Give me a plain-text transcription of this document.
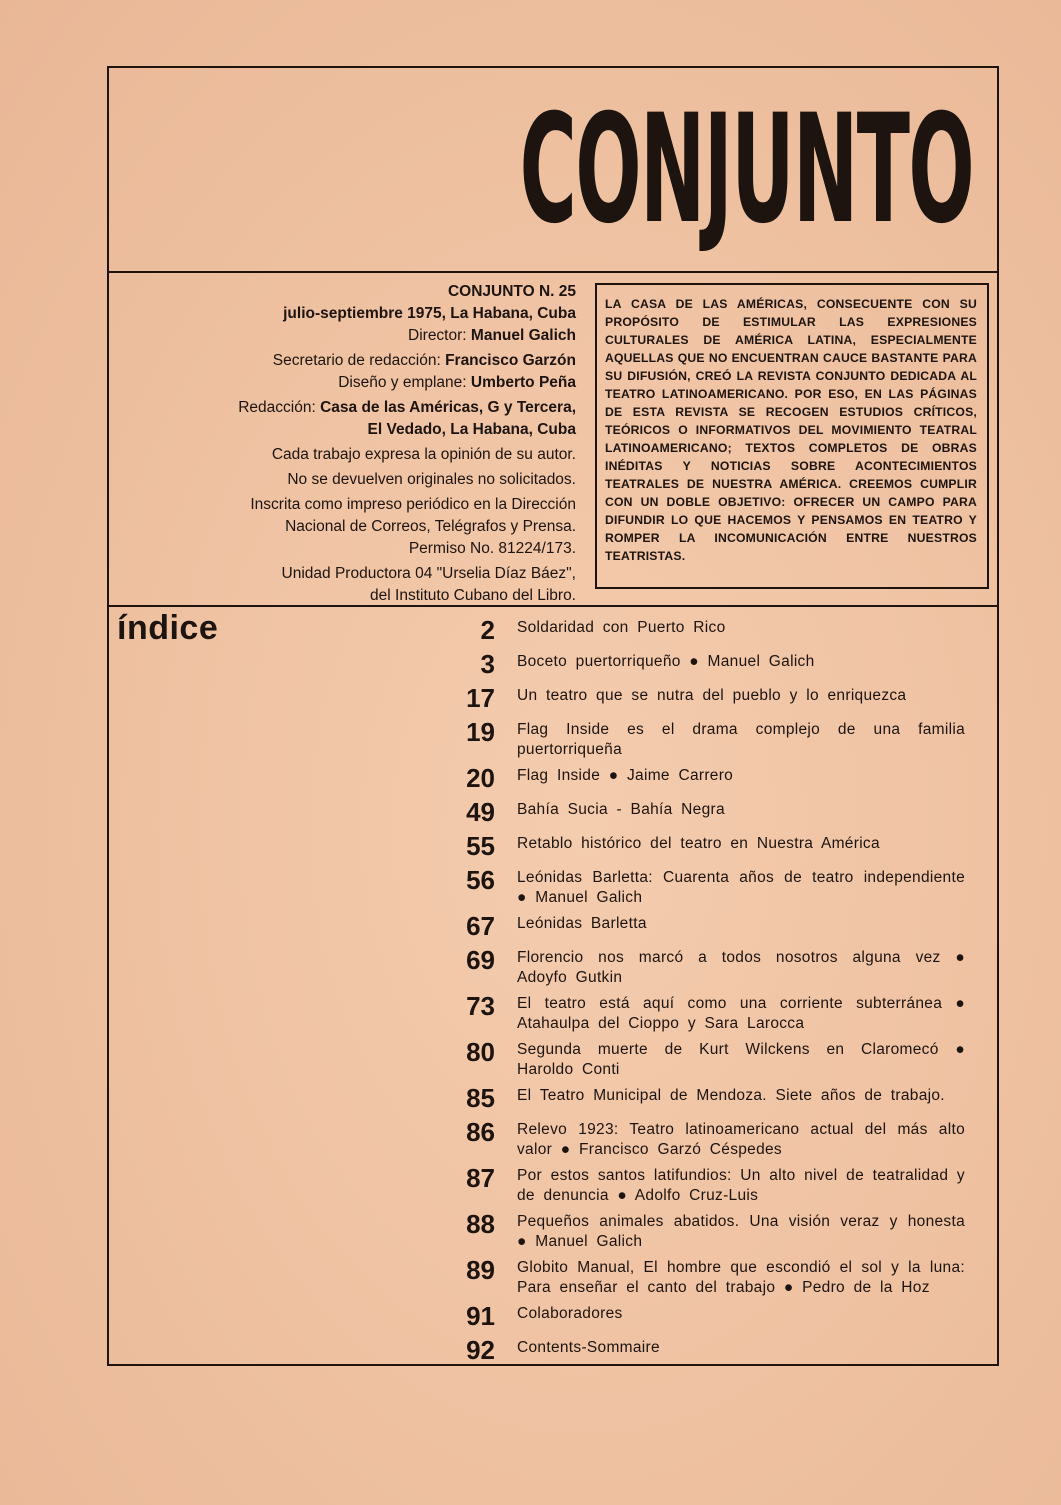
CONJUNTO
CONJUNTO N. 25
julio-septiembre 1975, La Habana, Cuba
Director: Manuel Galich
Secretario de redacción: Francisco Garzón
Diseño y emplane: Umberto Peña
Redacción: Casa de las Américas, G y Tercera,
El Vedado, La Habana, Cuba
Cada trabajo expresa la opinión de su autor.
No se devuelven originales no solicitados.
Inscrita como impreso periódico en la Dirección
Nacional de Correos, Telégrafos y Prensa.
Permiso No. 81224/173.
Unidad Productora 04 "Urselia Díaz Báez",
del Instituto Cubano del Libro.
LA CASA DE LAS AMÉRICAS, CONSECUENTE CON SU PROPÓSITO DE ESTIMULAR LAS EXPRESIONES CULTURALES DE AMÉRICA LATINA, ESPECIALMENTE AQUELLAS QUE NO ENCUENTRAN CAUCE BASTANTE PARA SU DIFUSIÓN, CREÓ LA REVISTA CONJUNTO DEDICADA AL TEATRO LATINOAMERICANO. POR ESO, EN LAS PÁGINAS DE ESTA REVISTA SE RECOGEN ESTUDIOS CRÍTICOS, TEÓRICOS O INFORMATIVOS DEL MOVIMIENTO TEATRAL LATINOAMERICANO; TEXTOS COMPLETOS DE OBRAS INÉDITAS Y NOTICIAS SOBRE ACONTECIMIENTOS TEATRALES DE NUESTRA AMÉRICA. CREEMOS CUMPLIR CON UN DOBLE OBJETIVO: OFRECER UN CAMPO PARA DIFUNDIR LO QUE HACEMOS Y PENSAMOS EN TEATRO Y ROMPER LA INCOMUNICACIÓN ENTRE NUESTROS TEATRISTAS.
índice	2 Soldaridad con Puerto Rico
3 Boceto puertorriqueño ● Manuel Galich
17 Un teatro que se nutra del pueblo y lo enriquezca
19 Flag Inside es el drama complejo de una familia puertorriqueña
20 Flag Inside ● Jaime Carrero
49 Bahía Sucia - Bahía Negra
55 Retablo histórico del teatro en Nuestra América
56 Leónidas Barletta: Cuarenta años de teatro independiente ● Manuel Galich
67 Leónidas Barletta
69 Florencio nos marcó a todos nosotros alguna vez ● Adoyfo Gutkin
73 El teatro está aquí como una corriente subterránea ● Atahaulpa del Cioppo y Sara Larocca
80 Segunda muerte de Kurt Wilckens en Claromecó ● Haroldo Conti
85 El Teatro Municipal de Mendoza. Siete años de trabajo.
86 Relevo 1923: Teatro latinoamericano actual del más alto valor ● Francisco Garzó Céspedes
87 Por estos santos latifundios: Un alto nivel de teatralidad y de denuncia ● Adolfo Cruz-Luis
88 Pequeños animales abatidos. Una visión veraz y honesta ● Manuel Galich
89 Globito Manual, El hombre que escondió el sol y la luna: Para enseñar el canto del trabajo ● Pedro de la Hoz
91 Colaboradores
92 Contents-Sommaire
